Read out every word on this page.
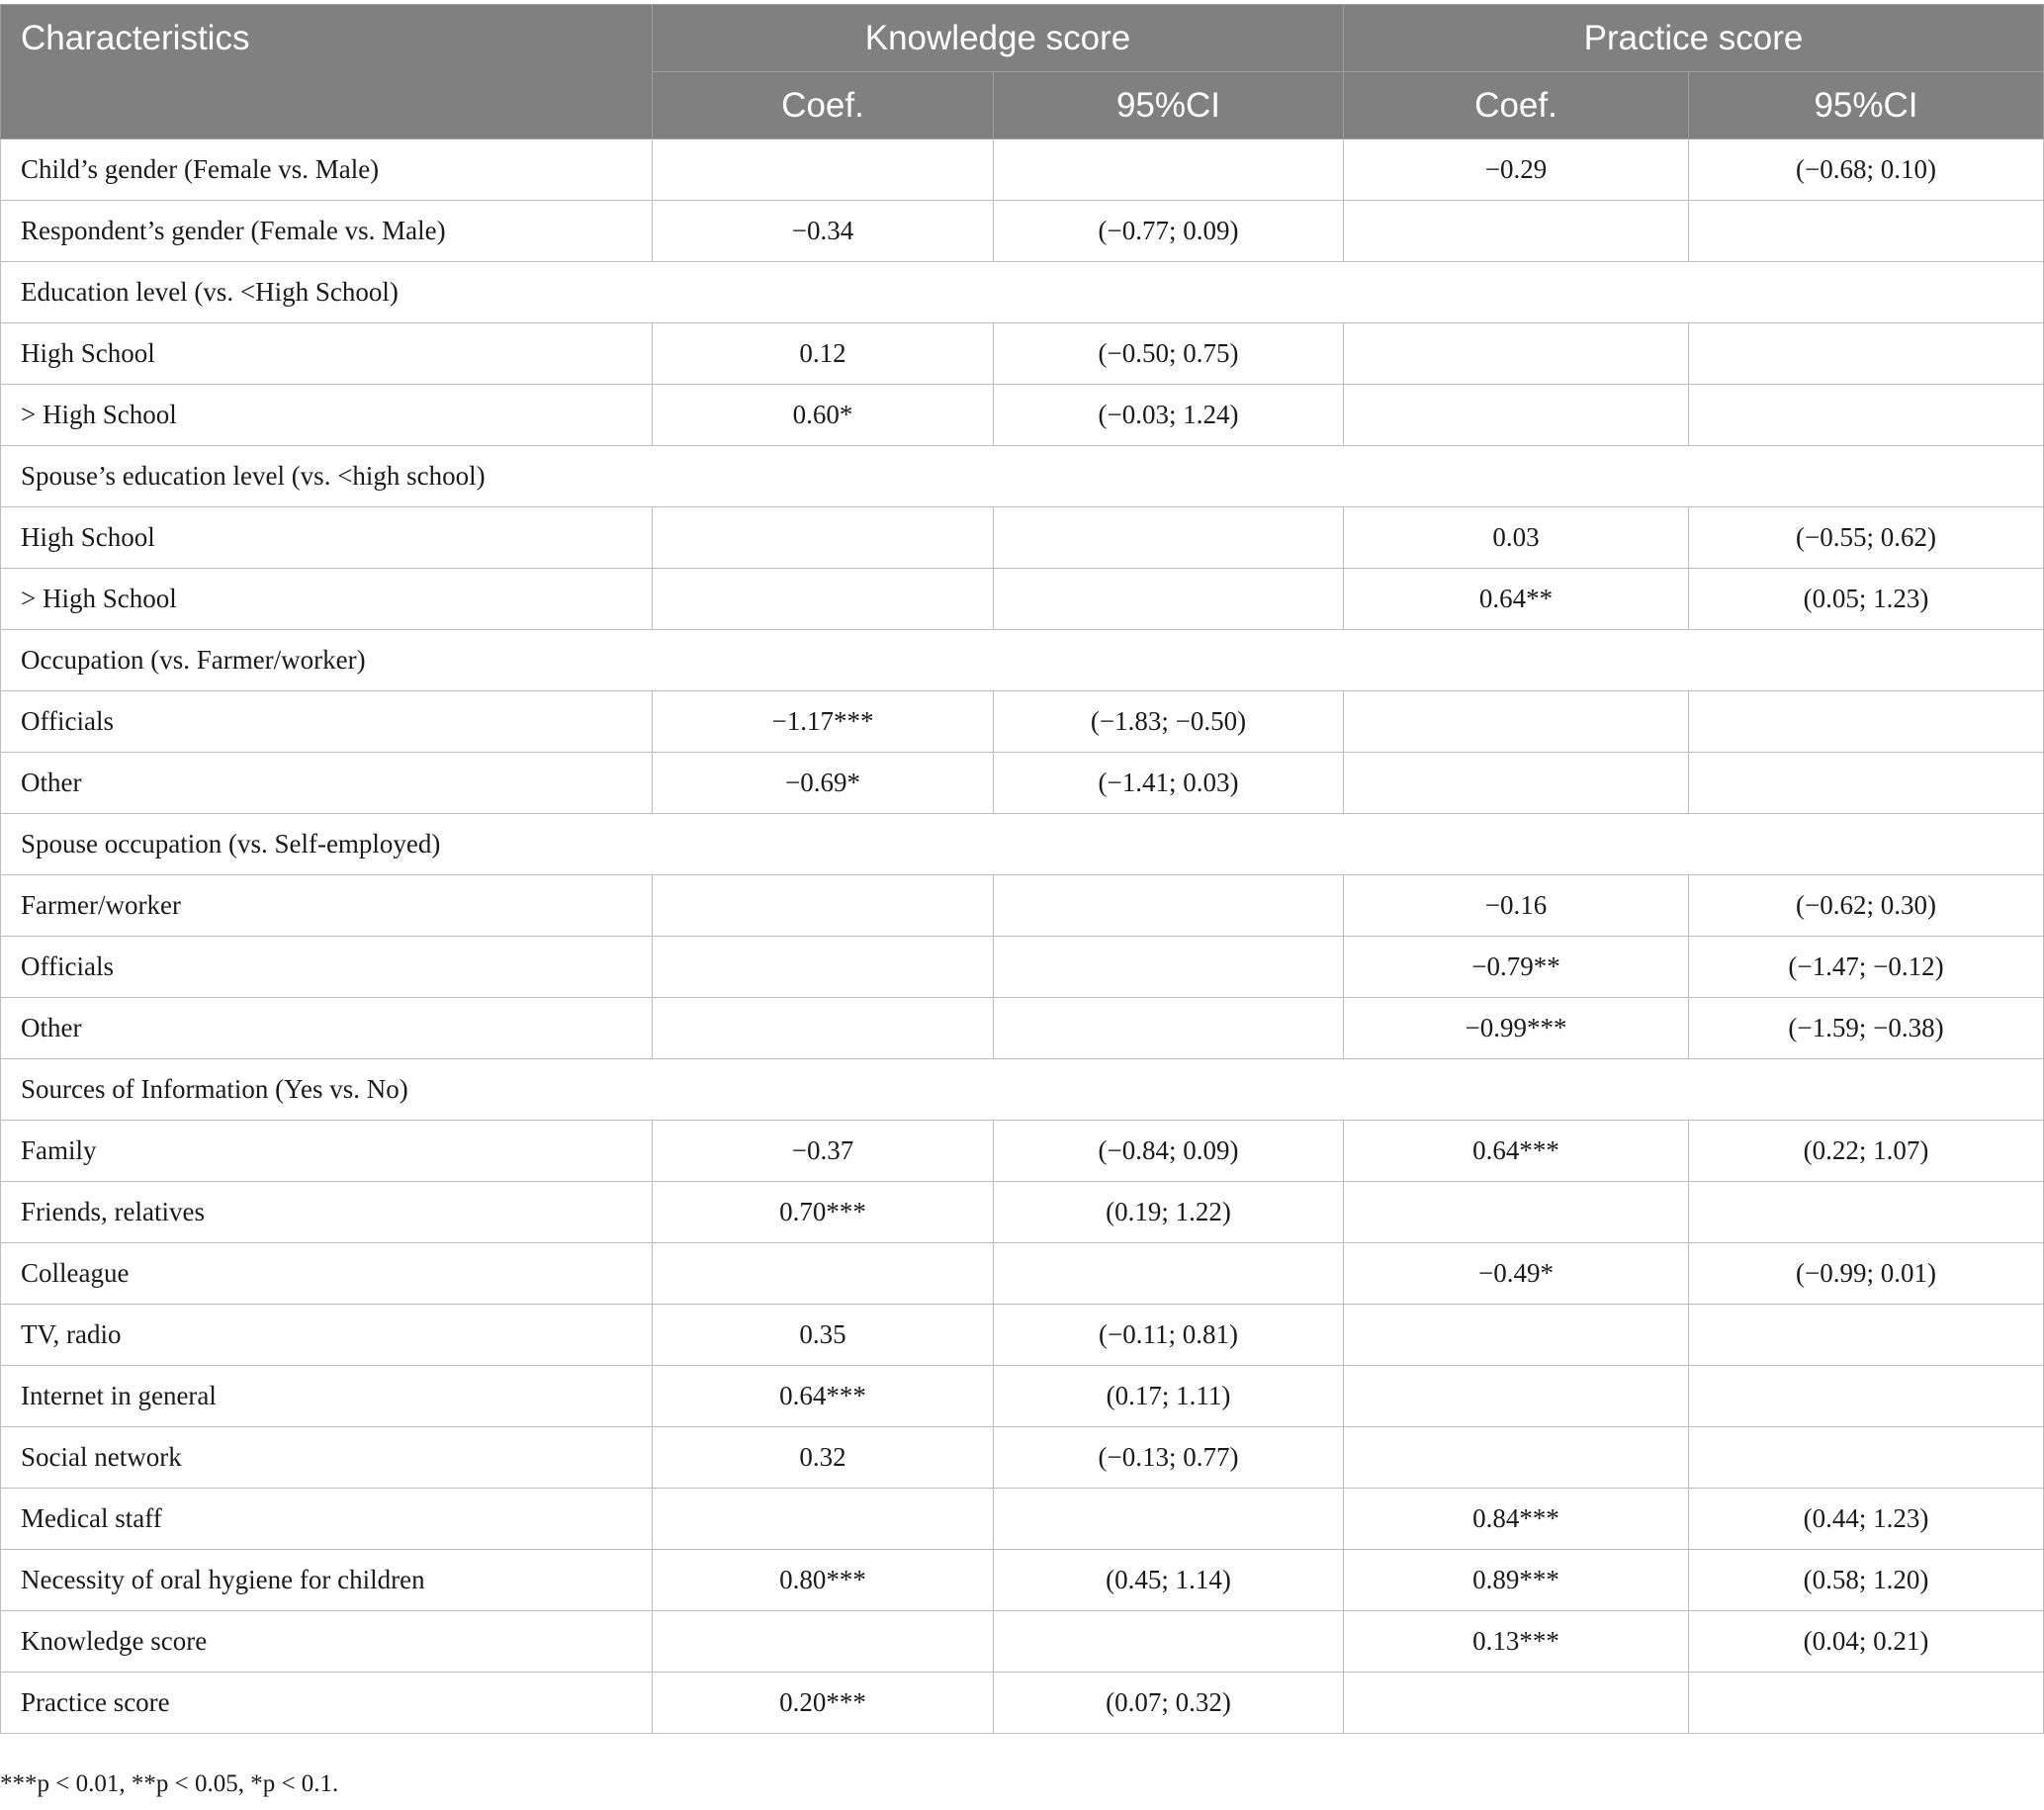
Characteristics	Knowledge score		Practice score	
	Coef.	95%CI	Coef.	95%CI
Child’s gender (Female vs. Male)			−0.29	(−0.68; 0.10)
Respondent’s gender (Female vs. Male)	−0.34	(−0.77; 0.09)		
Education level (vs. <High School)				
High School	0.12	(−0.50; 0.75)		
> High School	0.60*	(−0.03; 1.24)		
Spouse’s education level (vs. <high school)				
High School			0.03	(−0.55; 0.62)
> High School			0.64**	(0.05; 1.23)
Occupation (vs. Farmer/worker)				
Officials	−1.17***	(−1.83; −0.50)		
Other	−0.69*	(−1.41; 0.03)		
Spouse occupation (vs. Self-employed)				
Farmer/worker			−0.16	(−0.62; 0.30)
Officials			−0.79**	(−1.47; −0.12)
Other			−0.99***	(−1.59; −0.38)
Sources of Information (Yes vs. No)				
Family	−0.37	(−0.84; 0.09)	0.64***	(0.22; 1.07)
Friends, relatives	0.70***	(0.19; 1.22)		
Colleague			−0.49*	(−0.99; 0.01)
TV, radio	0.35	(−0.11; 0.81)		
Internet in general	0.64***	(0.17; 1.11)		
Social network	0.32	(−0.13; 0.77)		
Medical staff			0.84***	(0.44; 1.23)
Necessity of oral hygiene for children	0.80***	(0.45; 1.14)	0.89***	(0.58; 1.20)
Knowledge score			0.13***	(0.04; 0.21)
Practice score	0.20***	(0.07; 0.32)		
***p < 0.01, **p < 0.05, *p < 0.1.
